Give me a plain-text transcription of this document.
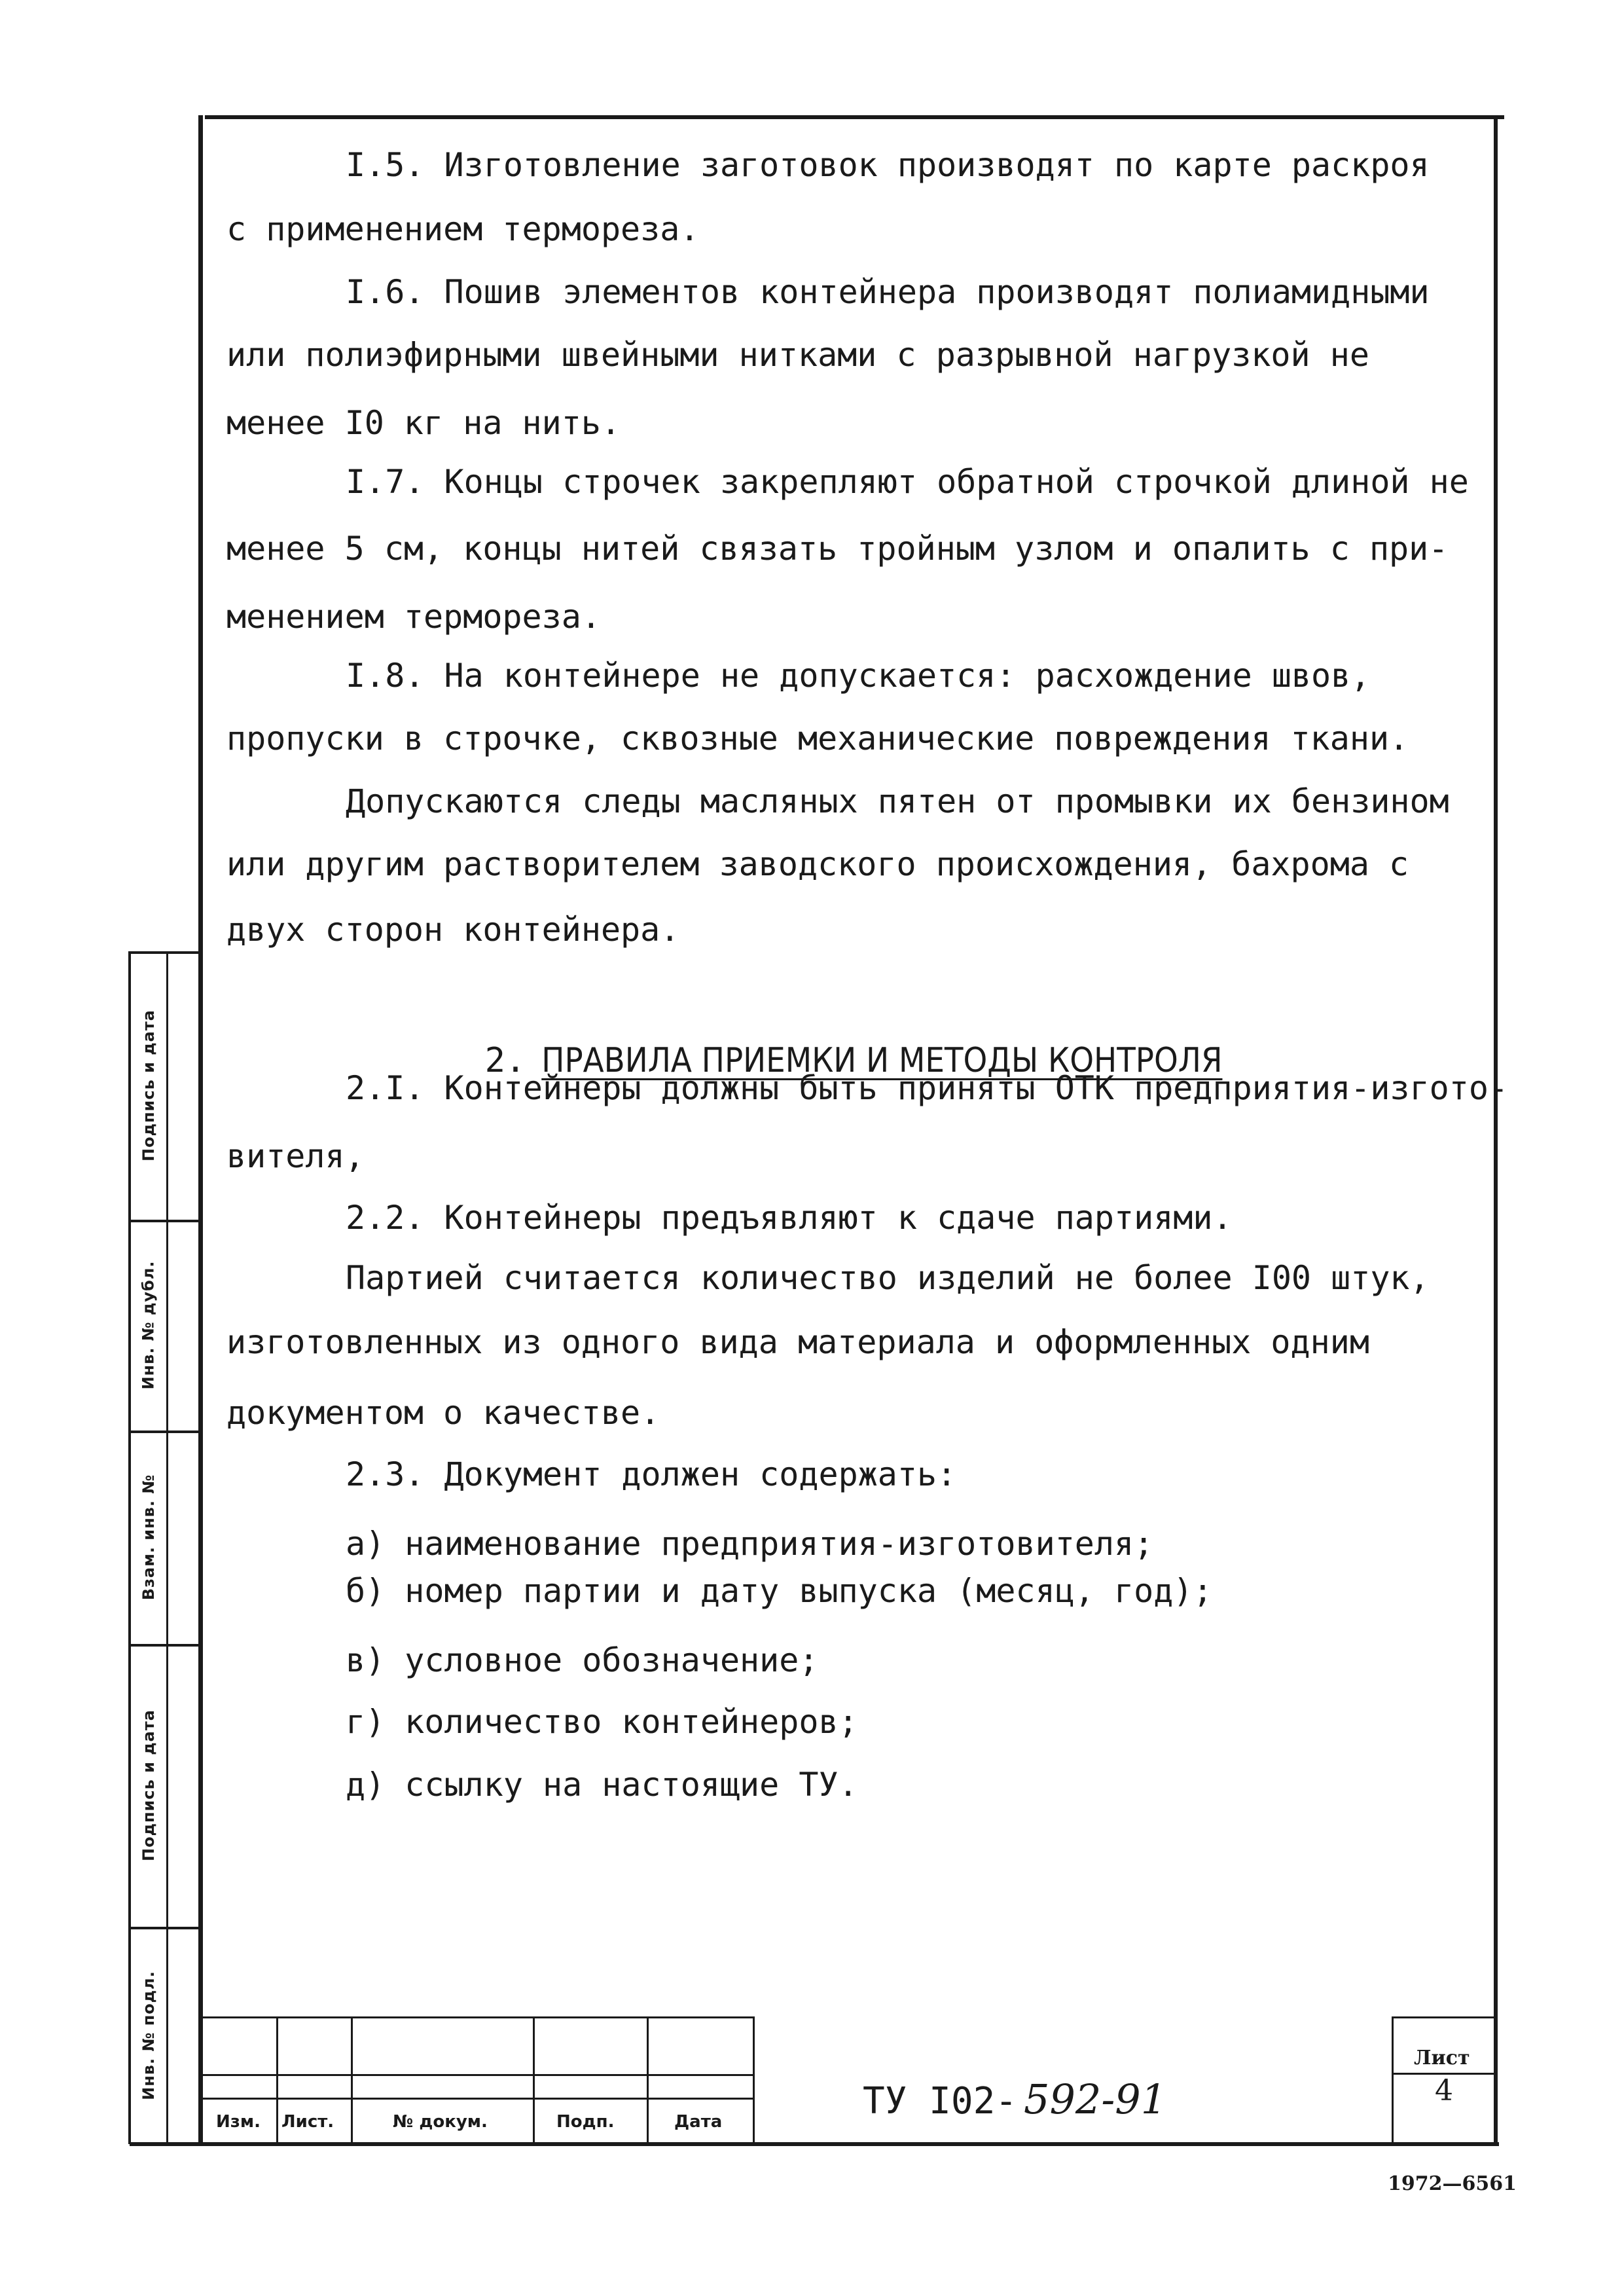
I.5. Изготовление заготовок производят по карте раскроя
с применением термореза.
I.6. Пошив элементов контейнера производят полиамидными
или полиэфирными швейными нитками с разрывной нагрузкой не
менее I0 кг на нить.
I.7. Концы строчек закрепляют обратной строчкой длиной не
менее 5 см, концы нитей связать тройным узлом и опалить с при-
менением термореза.
I.8. На контейнере не допускается: расхождение швов,
пропуски в строчке, сквозные механические повреждения ткани.
Допускаются следы масляных пятен от промывки их бензином
или другим растворителем заводского происхождения, бахрома с
двух сторон контейнера.

2. ПРАВИЛА ПРИЕМКИ И МЕТОДЫ КОНТРОЛЯ

2.I. Контейнеры должны быть приняты ОТК предприятия-изгото-
вителя,
2.2. Контейнеры предъявляют к сдаче партиями.
Партией считается количество изделий не более I00 штук,
изготовленных из одного вида материала и оформленных одним
документом о качестве.
2.3. Документ должен содержать:
а) наименование предприятия-изготовителя;
б) номер партии и дату выпуска (месяц, год);
в) условное обозначение;
г) количество контейнеров;
д) ссылку на настоящие ТУ.
Подпись и дата
Инв. № дубл.
Взам. инв. №
Подпись и дата
Инв. № подл.
Изм. Лист.	№ докум.	Подп.	Дата	ТУ I02- 592-91
Лист
4
1972—6561
